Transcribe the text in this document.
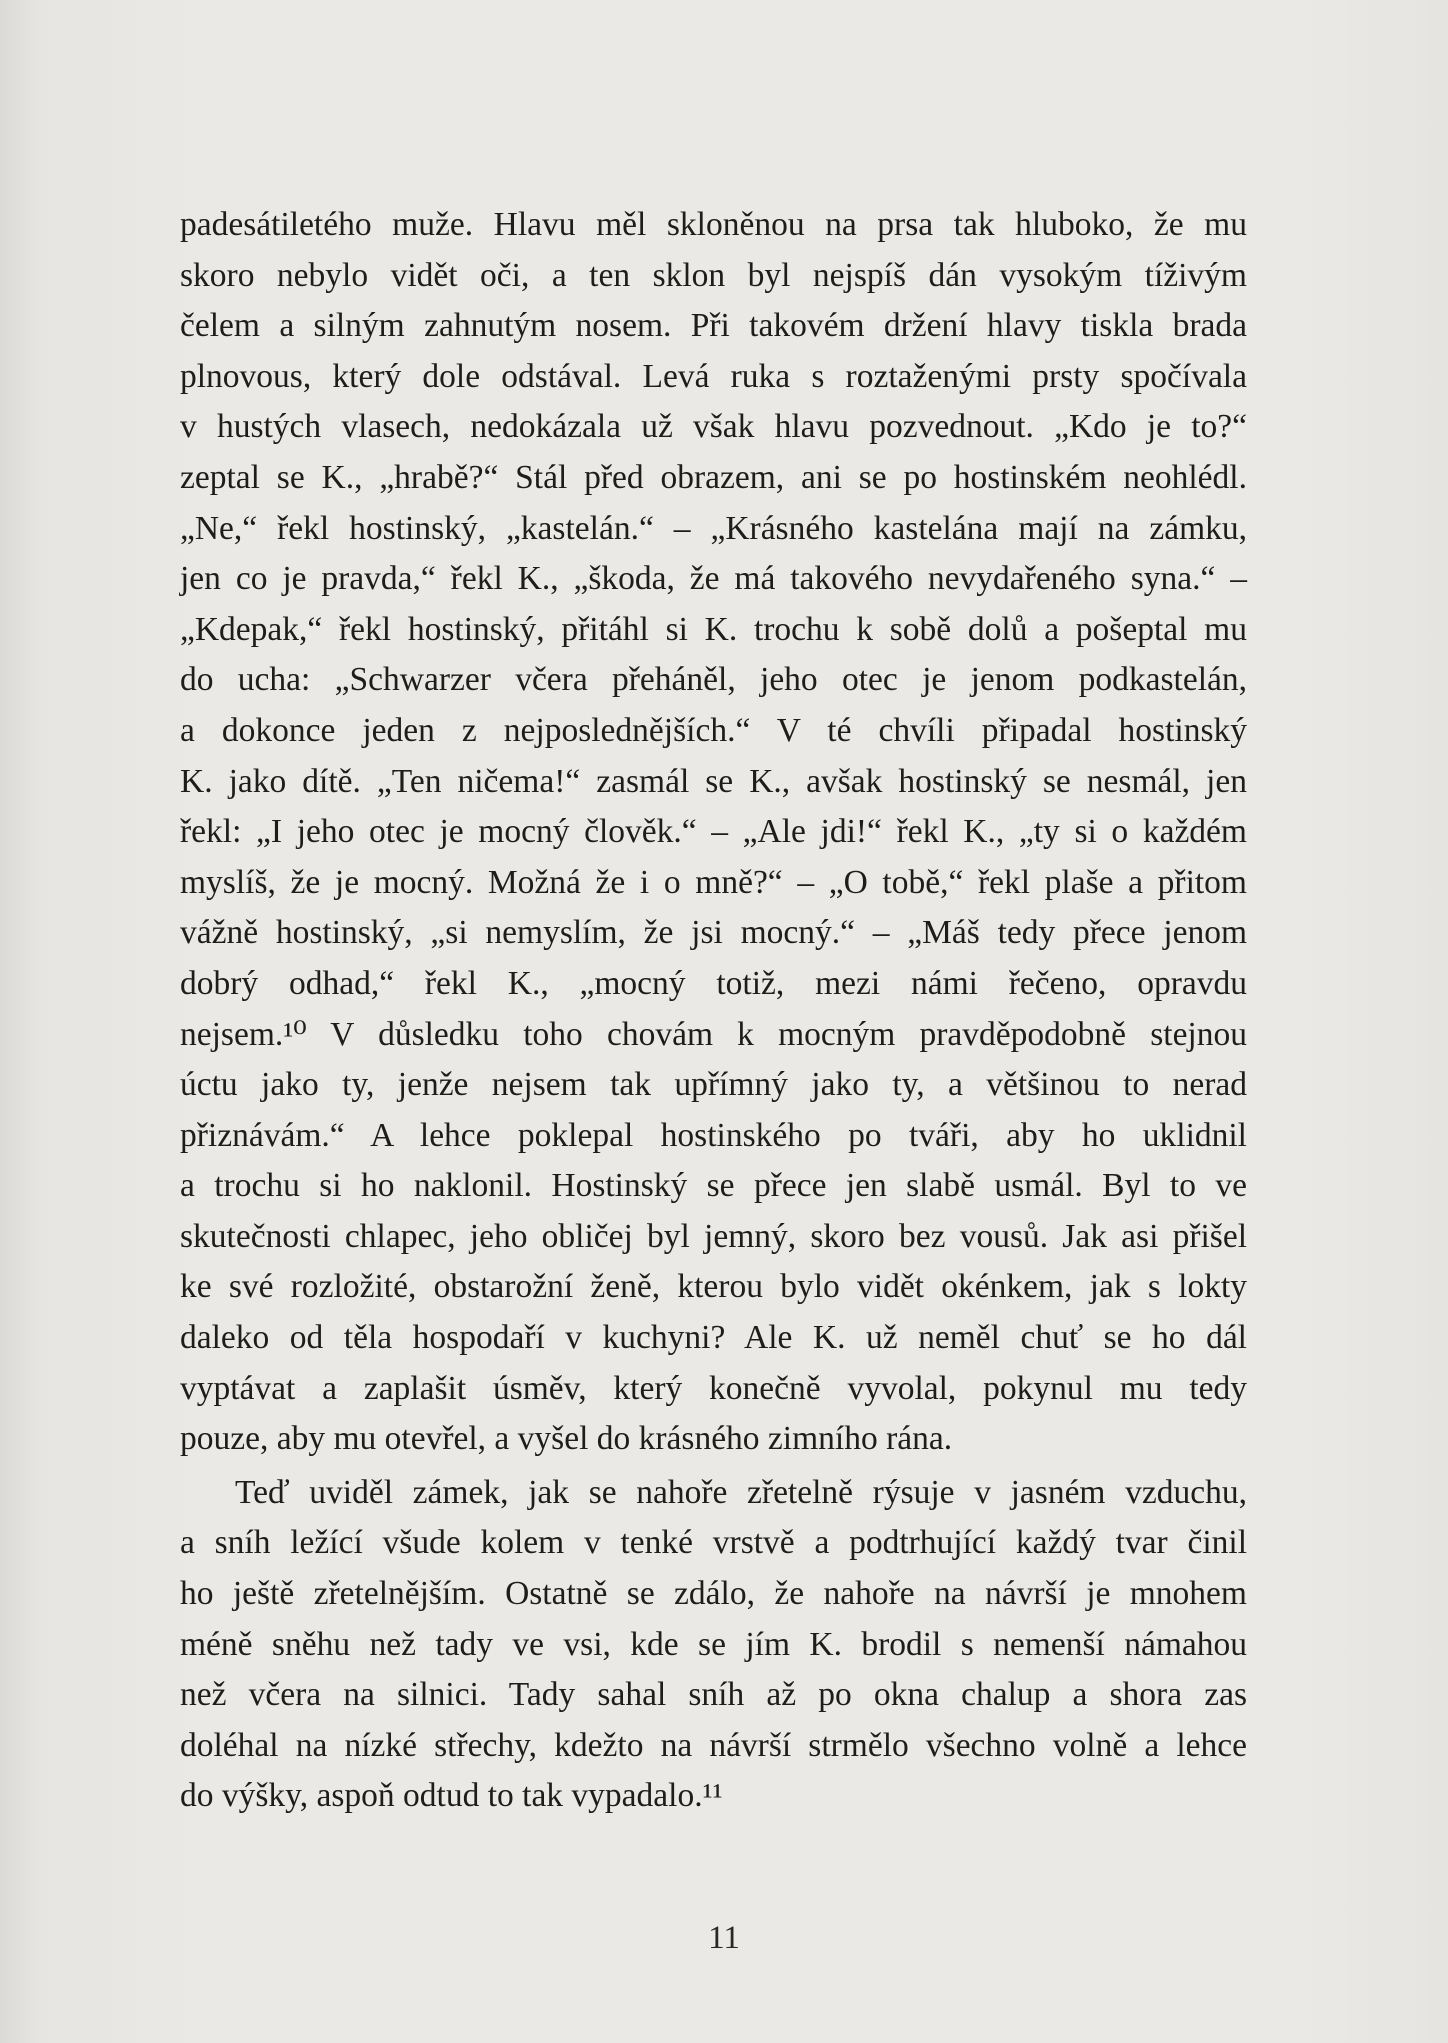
padesátiletého muže. Hlavu měl skloněnou na prsa tak hluboko, že mu
skoro nebylo vidět oči, a ten sklon byl nejspíš dán vysokým tíživým
čelem a silným zahnutým nosem. Při takovém držení hlavy tiskla brada
plnovous, který dole odstával. Levá ruka s roztaženými prsty spočívala
v hustých vlasech, nedokázala už však hlavu pozvednout. „Kdo je to?“
zeptal se K., „hrabě?“ Stál před obrazem, ani se po hostinském neohlédl.
„Ne,“ řekl hostinský, „kastelán.“ – „Krásného kastelána mají na zámku,
jen co je pravda,“ řekl K., „škoda, že má takového nevydařeného syna.“ –
„Kdepak,“ řekl hostinský, přitáhl si K. trochu k sobě dolů a pošeptal mu
do ucha: „Schwarzer včera přeháněl, jeho otec je jenom podkastelán,
a dokonce jeden z nejposlednějších.“ V té chvíli připadal hostinský
K. jako dítě. „Ten ničema!“ zasmál se K., avšak hostinský se nesmál, jen
řekl: „I jeho otec je mocný člověk.“ – „Ale jdi!“ řekl K., „ty si o každém
myslíš, že je mocný. Možná že i o mně?“ – „O tobě,“ řekl plaše a přitom
vážně hostinský, „si nemyslím, že jsi mocný.“ – „Máš tedy přece jenom
dobrý odhad,“ řekl K., „mocný totiž, mezi námi řečeno, opravdu
nejsem.¹⁰ V důsledku toho chovám k mocným pravděpodobně stejnou
úctu jako ty, jenže nejsem tak upřímný jako ty, a většinou to nerad
přiznávám.“ A lehce poklepal hostinského po tváři, aby ho uklidnil
a trochu si ho naklonil. Hostinský se přece jen slabě usmál. Byl to ve
skutečnosti chlapec, jeho obličej byl jemný, skoro bez vousů. Jak asi přišel
ke své rozložité, obstarožní ženě, kterou bylo vidět okénkem, jak s lokty
daleko od těla hospodaří v kuchyni? Ale K. už neměl chuť se ho dál
vyptávat a zaplašit úsměv, který konečně vyvolal, pokynul mu tedy
pouze, aby mu otevřel, a vyšel do krásného zimního rána.
Teď uviděl zámek, jak se nahoře zřetelně rýsuje v jasném vzduchu,
a sníh ležící všude kolem v tenké vrstvě a podtrhující každý tvar činil
ho ještě zřetelnějším. Ostatně se zdálo, že nahoře na návrší je mnohem
méně sněhu než tady ve vsi, kde se jím K. brodil s nemenší námahou
než včera na silnici. Tady sahal sníh až po okna chalup a shora zas
doléhal na nízké střechy, kdežto na návrší strmělo všechno volně a lehce
do výšky, aspoň odtud to tak vypadalo.¹¹
11
